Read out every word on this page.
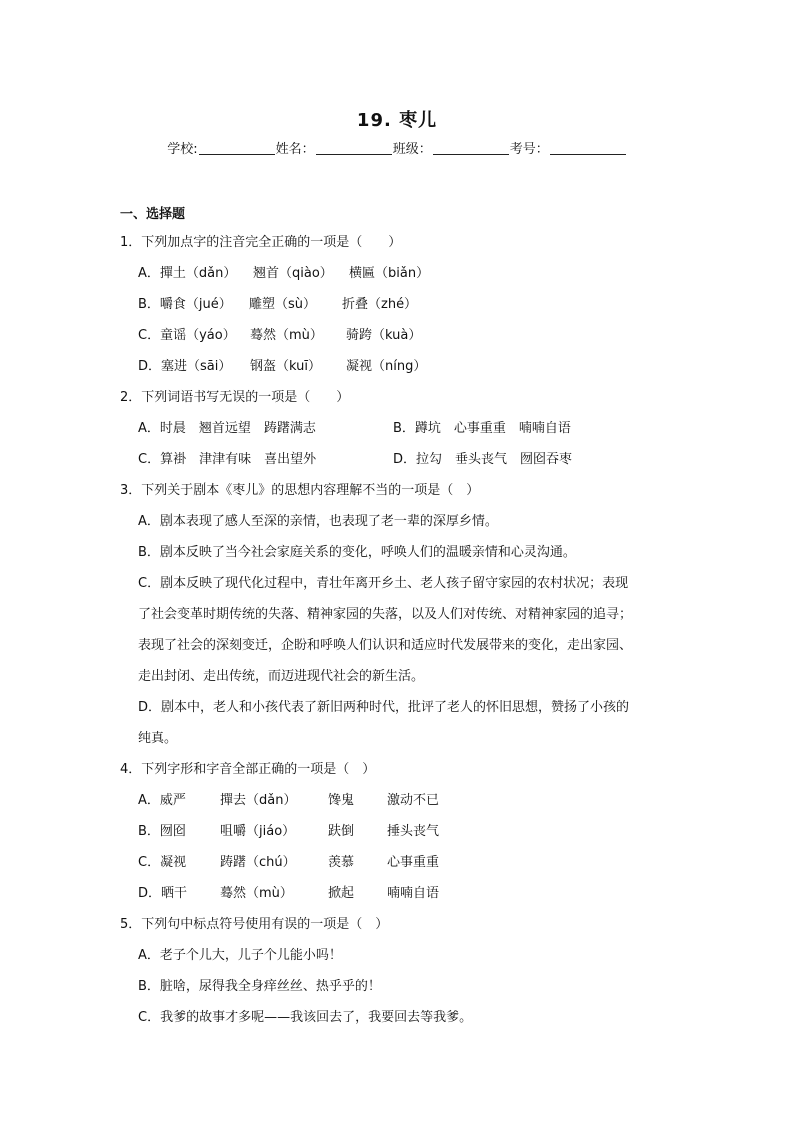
19. 枣儿
学校:	姓名：	班级：	考号：
一、选择题

1．下列加点字的注音完全正确的一项是（　　）

A．撣土（dǎn） 翘首（qiào） 横匾（biǎn）

B．嚼食（jué） 雕塑（sù） 折叠（zhé）

C．童谣（yáo） 蓦然（mù） 骑跨（kuà）

D．塞进（sāi） 钢盔（kuī） 凝视（níng）

2．下列词语书写无误的一项是（　　）

A．时晨　翘首远望　踌躇满志	B．蹲坑　心事重重　喃喃自语
C．算褂　津津有味　喜出望外	D．拉勾　垂头丧气　囫囵吞枣

3．下列关于剧本《枣儿》的思想内容理解不当的一项是（　）

A．剧本表现了感人至深的亲情，也表现了老一辈的深厚乡情。

B．剧本反映了当今社会家庭关系的变化，呼唤人们的温暖亲情和心灵沟通。

C．剧本反映了现代化过程中，青壮年离开乡土、老人孩子留守家园的农村状况；表现

了社会变革时期传统的失落、精神家园的失落，以及人们对传统、对精神家园的追寻；

表现了社会的深刻变迁，企盼和呼唤人们认识和适应时代发展带来的变化，走出家园、

走出封闭、走出传统，而迈进现代社会的新生活。

D．剧本中，老人和小孩代表了新旧两种时代，批评了老人的怀旧思想，赞扬了小孩的

纯真。

4．下列字形和字音全部正确的一项是（　）

A．威严	撣去（dǎn） 馋鬼	激动不已

B．囫囵	咀嚼（jiáo）	趺倒	捶头丧气

C．凝视	踌躇（chú） 羡慕	心事重重

D．晒干	蓦然（mù）	掀起	喃喃自语

5．下列句中标点符号使用有误的一项是（　）

A．老子个儿大，儿子个儿能小吗！

B．脏啥，尿得我全身痒丝丝、热乎乎的！

C．我爹的故事才多呢——我该回去了，我要回去等我爹。
